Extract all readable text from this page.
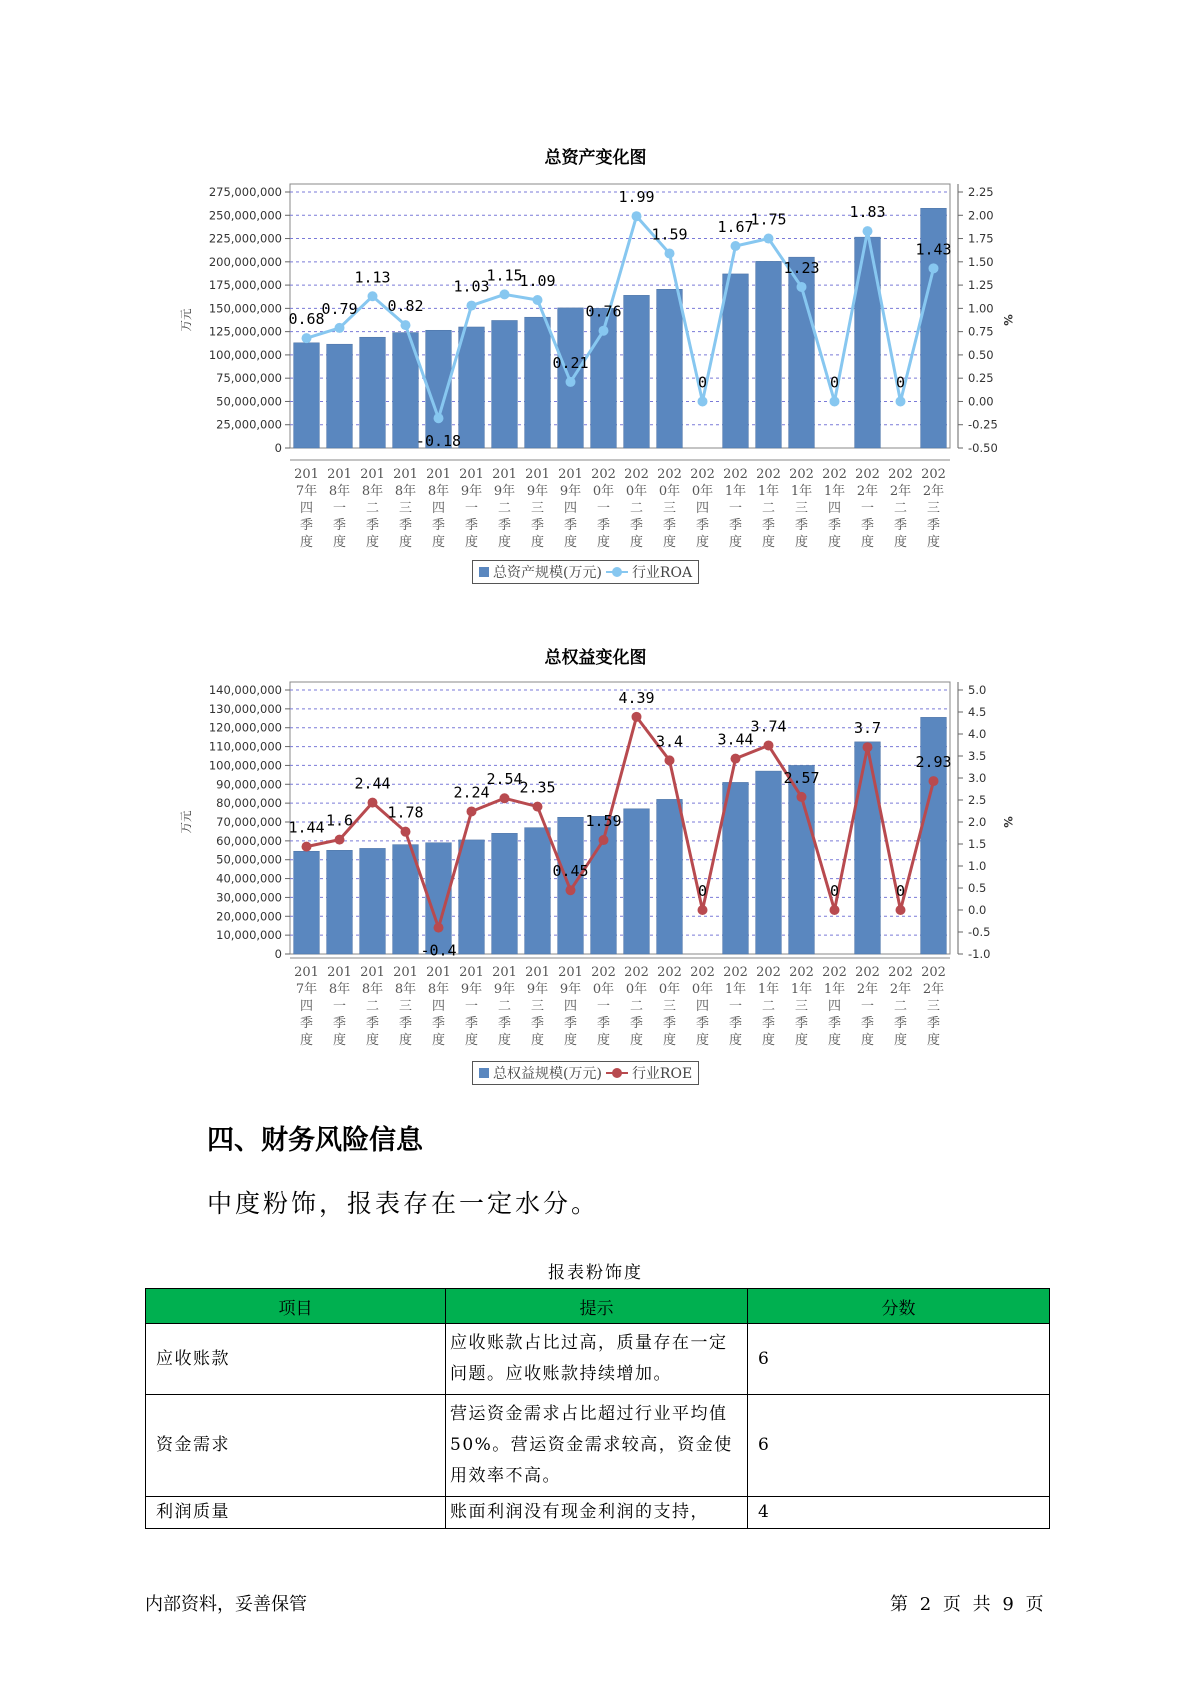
总资产变化图
0
25,000,000
50,000,000
75,000,000
100,000,000
125,000,000
150,000,000
175,000,000
200,000,000
225,000,000
250,000,000
275,000,000
-0.50
-0.25
0.00
0.25
0.50
0.75
1.00
1.25
1.50
1.75
2.00
2.25
万元	%
0.68
0.79
1.13
0.82
-0.18
1.03
1.15
1.09
0.21
0.76
1.99
1.59
0
1.67
1.75
1.23
0
1.83
0
1.43
201 7年四季度
201 8年一季度
201 8年二季度
201 8年三季度
201 8年四季度
201 9年一季度
201 9年二季度
201 9年三季度
201 9年四季度
202 0年一季度
202 0年二季度
202 0年三季度
202 0年四季度
202 1年一季度
202 1年二季度
202 1年三季度
202 1年四季度
202 2年一季度
202 2年二季度
202 2年三季度
总资产规模(万元) 行业ROA
总权益变化图
0
10,000,000
20,000,000
30,000,000
40,000,000
50,000,000
60,000,000
70,000,000
80,000,000
90,000,000
100,000,000
110,000,000
120,000,000
130,000,000
140,000,000
-1.0
-0.5
0.0
0.5
1.0
1.5
2.0
2.5
3.0
3.5
4.0
4.5
5.0
万元	%
1.44 1.6
2.44
1.78
-0.4
2.24
2.54
2.35
0.45
1.59
4.39
3.4
0
3.44
3.74
2.57
0
3.7
0
2.93
201 7年四季度
201 8年一季度
201 8年二季度
201 8年三季度
201 8年四季度
201 9年一季度
201 9年二季度
201 9年三季度
201 9年四季度
202 0年一季度
202 0年二季度
202 0年三季度
202 0年四季度
202 1年一季度
202 1年二季度
202 1年三季度
202 1年四季度
202 2年一季度
202 2年二季度
202 2年三季度
总权益规模(万元) 行业ROE
四、财务风险信息

中度粉饰，报表存在一定水分。

报表粉饰度
项目	提示	分数
应收账款	应收账款占比过高，质量存在一定问题。应收账款持续增加。	6
资金需求	营运资金需求占比超过行业平均值50%。营运资金需求较高，资金使用效率不高。	6
利润质量	账面利润没有现金利润的支持，	4
内部资料，妥善保管	第 2 页 共 9 页
